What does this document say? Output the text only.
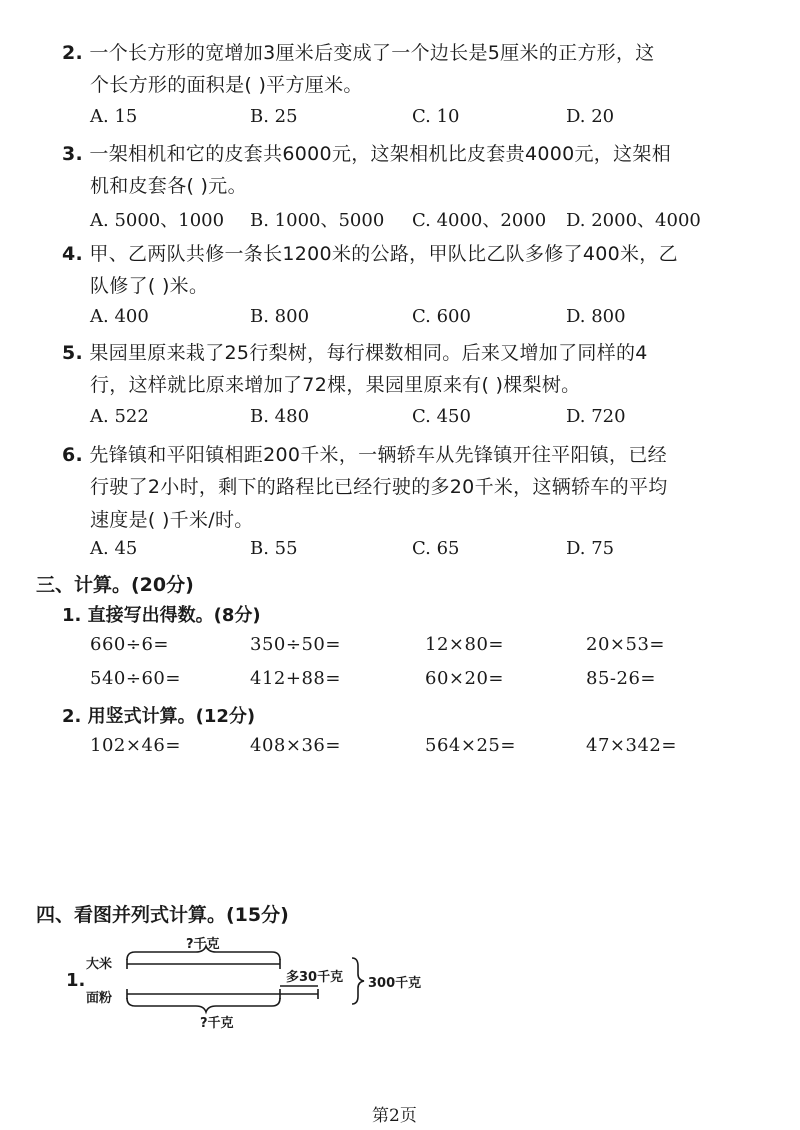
2. 一个长方形的宽增加3厘米后变成了一个边长是5厘米的正方形，这
个长方形的面积是( )平方厘米。
A. 15	B. 25	C. 10	D. 20
3. 一架相机和它的皮套共6000元，这架相机比皮套贵4000元，这架相
机和皮套各( )元。
A. 5000、1000 B. 1000、5000 C. 4000、2000 D. 2000、4000
4. 甲、乙两队共修一条长1200米的公路，甲队比乙队多修了400米，乙
队修了( )米。
A. 400	B. 800	C. 600	D. 800
5. 果园里原来栽了25行梨树，每行棵数相同。后来又增加了同样的4
行，这样就比原来增加了72棵，果园里原来有( )棵梨树。
A. 522	B. 480	C. 450	D. 720
6. 先锋镇和平阳镇相距200千米，一辆轿车从先锋镇开往平阳镇，已经
行驶了2小时，剩下的路程比已经行驶的多20千米，这辆轿车的平均
速度是( )千米/时。
A. 45	B. 55	C. 65	D. 75
三、计算。(20分)
1. 直接写出得数。(8分)
660÷6=	350÷50=	12×80=	20×53=
540÷60=	412+88=	60×20=	85-26=
2. 用竖式计算。(12分)
102×46=	408×36=	564×25=	47×342=
四、看图并列式计算。(15分)
1.
大米
面粉
?千克
?千克
多30千克 300千克
第2页
